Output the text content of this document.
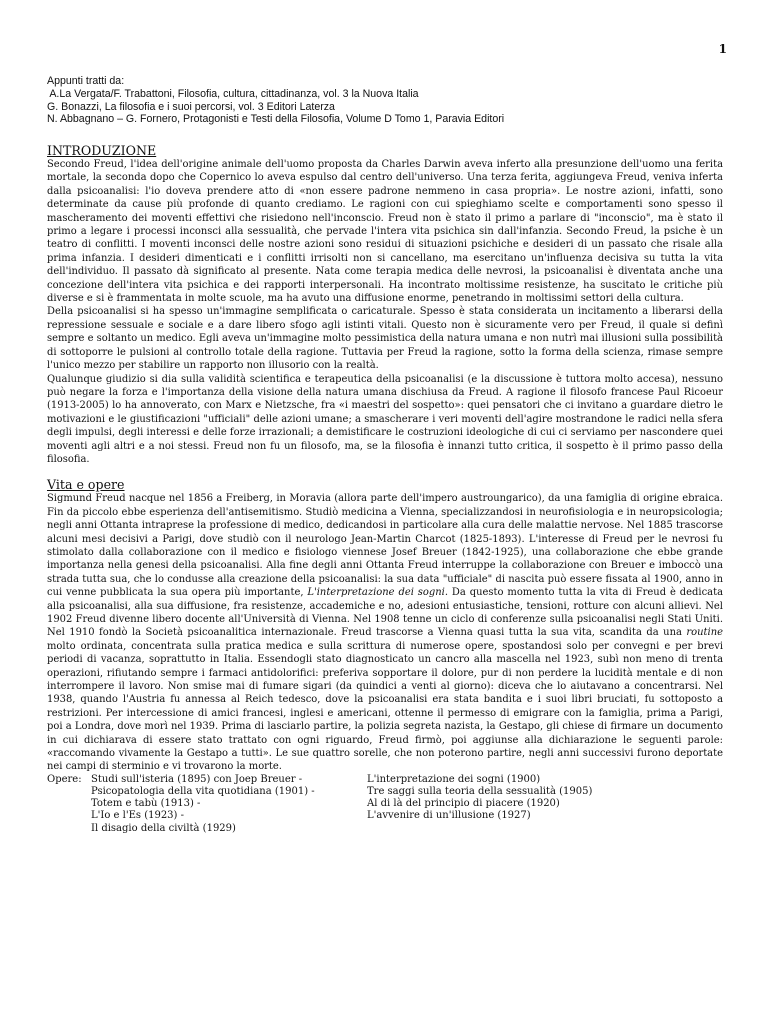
1
Appunti tratti da:
A.La Vergata/F. Trabattoni, Filosofia, cultura, cittadinanza, vol. 3 la Nuova Italia
G. Bonazzi, La filosofia e i suoi percorsi, vol. 3 Editori Laterza
N. Abbagnano – G. Fornero, Protagonisti e Testi della Filosofia, Volume D Tomo 1, Paravia Editori
INTRODUZIONE

Secondo Freud, l'idea dell'origine animale dell'uomo proposta da Charles Darwin aveva inferto alla presunzione dell'uomo una ferita mortale, la seconda dopo che Copernico lo aveva espulso dal centro dell'universo. Una terza ferita, aggiungeva Freud, veniva inferta dalla psicoanalisi: l'io doveva prendere atto di «non essere padrone nemmeno in casa propria». Le nostre azioni, infatti, sono determinate da cause più profonde di quanto crediamo. Le ragioni con cui spieghiamo scelte e comportamenti sono spesso il mascheramento dei moventi effettivi che risiedono nell'inconscio. Freud non è stato il primo a parlare di "inconscio", ma è stato il primo a legare i processi inconsci alla sessualità, che pervade l'intera vita psichica sin dall'infanzia. Secondo Freud, la psiche è un teatro di conflitti. I moventi inconsci delle nostre azioni sono residui di situazioni psichiche e desideri di un passato che risale alla prima infanzia. I desideri dimenticati e i conflitti irrisolti non si cancellano, ma esercitano un'influenza decisiva su tutta la vita dell'individuo. Il passato dà significato al presente. Nata come terapia medica delle nevrosi, la psicoanalisi è diventata anche una concezione dell'intera vita psichica e dei rapporti interpersonali. Ha incontrato moltissime resistenze, ha suscitato le critiche più diverse e si è frammentata in molte scuole, ma ha avuto una diffusione enorme, penetrando in moltissimi settori della cultura.

Della psicoanalisi si ha spesso un'immagine semplificata o caricaturale. Spesso è stata considerata un incitamento a liberarsi della repressione sessuale e sociale e a dare libero sfogo agli istinti vitali. Questo non è sicuramente vero per Freud, il quale si definì sempre e soltanto un medico. Egli aveva un'immagine molto pessimistica della natura umana e non nutrì mai illusioni sulla possibilità di sottoporre le pulsioni al controllo totale della ragione. Tuttavia per Freud la ragione, sotto la forma della scienza, rimase sempre l'unico mezzo per stabilire un rapporto non illusorio con la realtà.

Qualunque giudizio si dia sulla validità scientifica e terapeutica della psicoanalisi (e la discussione è tuttora molto accesa), nessuno può negare la forza e l'importanza della visione della natura umana dischiusa da Freud. A ragione il filosofo francese Paul Ricoeur (1913-2005) lo ha annoverato, con Marx e Nietzsche, fra «i maestri del sospetto»: quei pensatori che ci invitano a guardare dietro le motivazioni e le giustificazioni "ufficiali" delle azioni umane; a smascherare i veri moventi dell'agire mostrandone le radici nella sfera degli impulsi, degli interessi e delle forze irrazionali; a demistificare le costruzioni ideologiche di cui ci serviamo per nascondere quei moventi agli altri e a noi stessi. Freud non fu un filosofo, ma, se la filosofia è innanzi tutto critica, il sospetto è il primo passo della filosofia.

Vita e opere

Sigmund Freud nacque nel 1856 a Freiberg, in Moravia (allora parte dell'impero austroungarico), da una famiglia di origine ebraica. Fin da piccolo ebbe esperienza dell'antisemitismo. Studiò medicina a Vienna, specializzandosi in neurofisiologia e in neuropsicologia; negli anni Ottanta intraprese la professione di medico, dedicandosi in particolare alla cura delle malattie nervose. Nel 1885 trascorse alcuni mesi decisivi a Parigi, dove studiò con il neurologo Jean-Martin Charcot (1825-1893). L'interesse di Freud per le nevrosi fu stimolato dalla collaborazione con il medico e fisiologo viennese Josef Breuer (1842-1925), una collaborazione che ebbe grande importanza nella genesi della psicoanalisi. Alla fine degli anni Ottanta Freud interruppe la collaborazione con Breuer e imboccò una strada tutta sua, che lo condusse alla creazione della psicoanalisi: la sua data "ufficiale" di nascita può essere fissata al 1900, anno in cui venne pubblicata la sua opera più importante, L'interpretazione dei sogni. Da questo momento tutta la vita di Freud è dedicata alla psicoanalisi, alla sua diffusione, fra resistenze, accademiche e no, adesioni entusiastiche, tensioni, rotture con alcuni allievi. Nel 1902 Freud divenne libero docente all'Università di Vienna. Nel 1908 tenne un ciclo di conferenze sulla psicoanalisi negli Stati Uniti. Nel 1910 fondò la Società psicoanalitica internazionale. Freud trascorse a Vienna quasi tutta la sua vita, scandita da una routine molto ordinata, concentrata sulla pratica medica e sulla scrittura di numerose opere, spostandosi solo per convegni e per brevi periodi di vacanza, soprattutto in Italia. Essendogli stato diagnosticato un cancro alla mascella nel 1923, subì non meno di trenta operazioni, rifiutando sempre i farmaci antidolorifici: preferiva sopportare il dolore, pur di non perdere la lucidità mentale e di non interrompere il lavoro. Non smise mai di fumare sigari (da quindici a venti al giorno): diceva che lo aiutavano a concentrarsi. Nel 1938, quando l'Austria fu annessa al Reich tedesco, dove la psicoanalisi era stata bandita e i suoi libri bruciati, fu sottoposto a restrizioni. Per intercessione di amici francesi, inglesi e americani, ottenne il permesso di emigrare con la famiglia, prima a Parigi, poi a Londra, dove morì nel 1939. Prima di lasciarlo partire, la polizia segreta nazista, la Gestapo, gli chiese di firmare un documento in cui dichiarava di essere stato trattato con ogni riguardo, Freud firmò, poi aggiunse alla dichiarazione le seguenti parole: «raccomando vivamente la Gestapo a tutti». Le sue quattro sorelle, che non poterono partire, negli anni successivi furono deportate nei campi di sterminio e vi trovarono la morte.

Opere: Studi sull'isteria (1895) con Joep Breuer -
Psicopatologia della vita quotidiana (1901) -
Totem e tabù (1913) -
L'Io e l'Es (1923) -
Il disagio della civiltà (1929)
L'interpretazione dei sogni (1900)
Tre saggi sulla teoria della sessualità (1905)
Al di là del principio di piacere (1920)
L'avvenire di un'illusione (1927)
